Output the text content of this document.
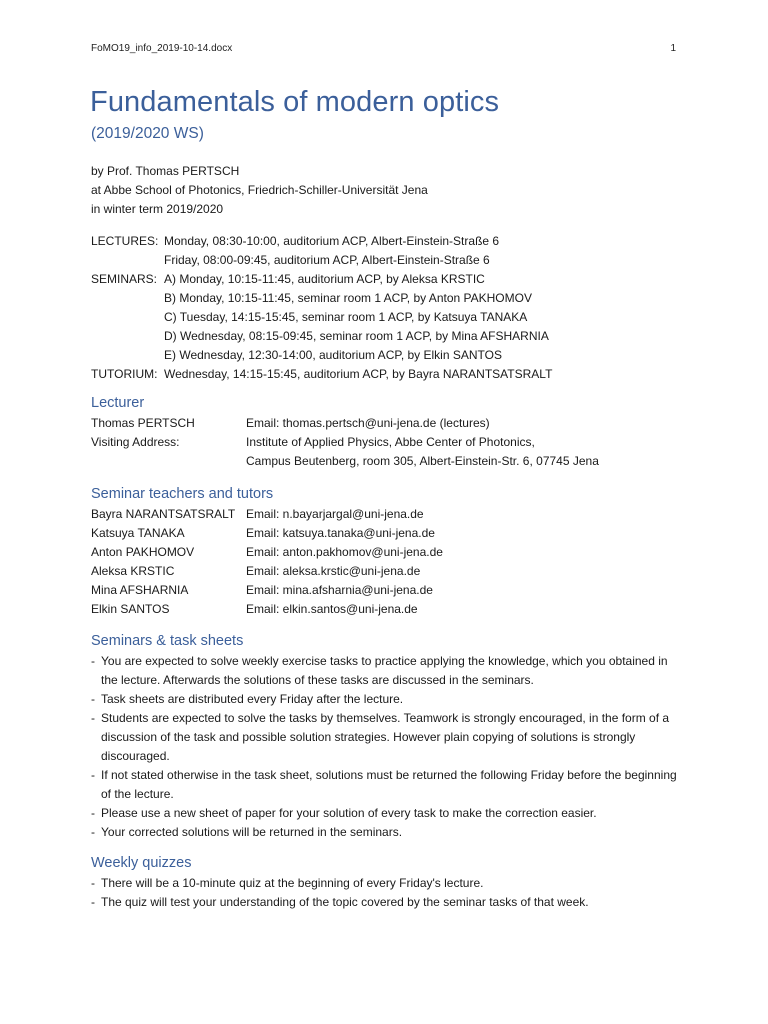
FoMO19_info_2019-10-14.docx	1
Fundamentals of modern optics
(2019/2020 WS)
by Prof. Thomas PERTSCH
at Abbe School of Photonics, Friedrich-Schiller-Universität Jena
in winter term 2019/2020
LECTURES: Monday, 08:30-10:00, auditorium ACP, Albert-Einstein-Straße 6
Friday, 08:00-09:45, auditorium ACP, Albert-Einstein-Straße 6
SEMINARS: A) Monday, 10:15-11:45, auditorium ACP, by Aleksa KRSTIC
B) Monday, 10:15-11:45, seminar room 1 ACP, by Anton PAKHOMOV
C) Tuesday, 14:15-15:45, seminar room 1 ACP, by Katsuya TANAKA
D) Wednesday, 08:15-09:45, seminar room 1 ACP, by Mina AFSHARNIA
E) Wednesday, 12:30-14:00, auditorium ACP, by Elkin SANTOS
TUTORIUM: Wednesday, 14:15-15:45, auditorium ACP, by Bayra NARANTSATSRALT
Lecturer
Thomas PERTSCH	Email: thomas.pertsch@uni-jena.de (lectures)
Visiting Address:	Institute of Applied Physics, Abbe Center of Photonics,
Campus Beutenberg, room 305, Albert-Einstein-Str. 6, 07745 Jena
Seminar teachers and tutors
Bayra NARANTSATSRALT Email: n.bayarjargal@uni-jena.de
Katsuya TANAKA	Email: katsuya.tanaka@uni-jena.de
Anton PAKHOMOV	Email: anton.pakhomov@uni-jena.de
Aleksa KRSTIC	Email: aleksa.krstic@uni-jena.de
Mina AFSHARNIA	Email: mina.afsharnia@uni-jena.de
Elkin SANTOS	Email: elkin.santos@uni-jena.de
Seminars & task sheets
- You are expected to solve weekly exercise tasks to practice applying the knowledge, which you obtained in the lecture. Afterwards the solutions of these tasks are discussed in the seminars.
- Task sheets are distributed every Friday after the lecture.
- Students are expected to solve the tasks by themselves. Teamwork is strongly encouraged, in the form of a discussion of the task and possible solution strategies. However plain copying of solutions is strongly discouraged.
- If not stated otherwise in the task sheet, solutions must be returned the following Friday before the beginning of the lecture.
- Please use a new sheet of paper for your solution of every task to make the correction easier.
- Your corrected solutions will be returned in the seminars.
Weekly quizzes
- There will be a 10-minute quiz at the beginning of every Friday's lecture.
- The quiz will test your understanding of the topic covered by the seminar tasks of that week.
